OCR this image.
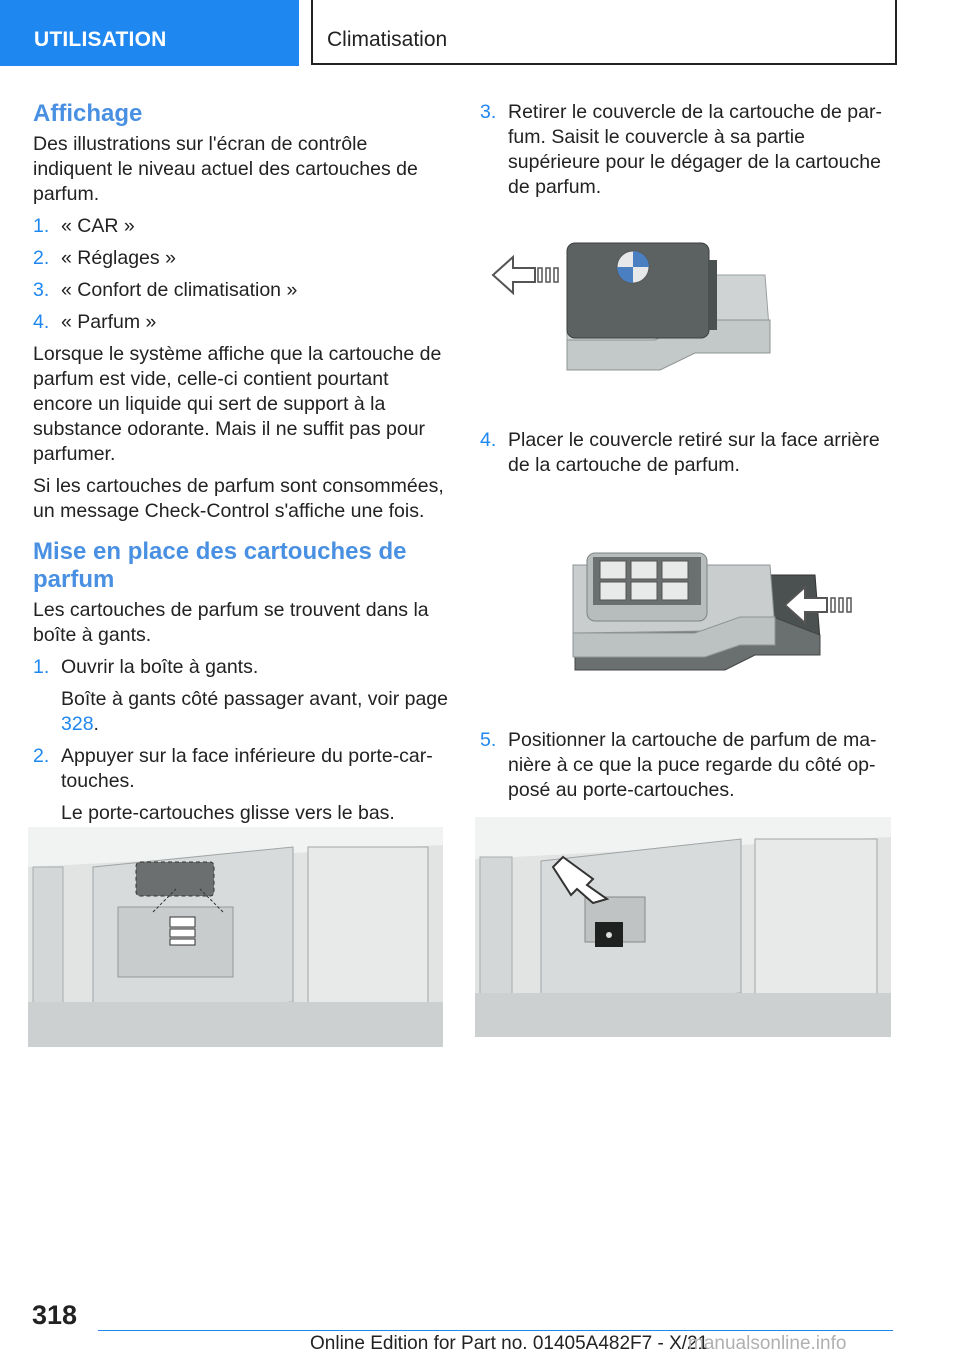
UTILISATION	Climatisation
Affichage

Des illustrations sur l'écran de contrôle indiquent le niveau actuel des cartouches de parfum.

1. « CAR »
2. « Réglages »
3. « Confort de climatisation »
4. « Parfum »

Lorsque le système affiche que la cartouche de parfum est vide, celle-ci contient pourtant encore un liquide qui sert de support à la substance odorante. Mais il ne suffit pas pour parfumer.

Si les cartouches de parfum sont consommées, un message Check-Control s'affiche une fois.

Mise en place des cartouches de parfum

Les cartouches de parfum se trouvent dans la boîte à gants.

1. Ouvrir la boîte à gants.
Boîte à gants côté passager avant, voir page 328.
2. Appuyer sur la face inférieure du porte-cartouches.
Le porte-cartouches glisse vers le bas.
3. Retirer le couvercle de la cartouche de parfum. Saisit le couvercle à sa partie supérieure pour le dégager de la cartouche de parfum.
4. Placer le couvercle retiré sur la face arrière de la cartouche de parfum.
5. Positionner la cartouche de parfum de manière à ce que la puce regarde du côté opposé au porte-cartouches.
318
Online Edition for Part no. 01405A482F7 - X/21
manualsonline.info
